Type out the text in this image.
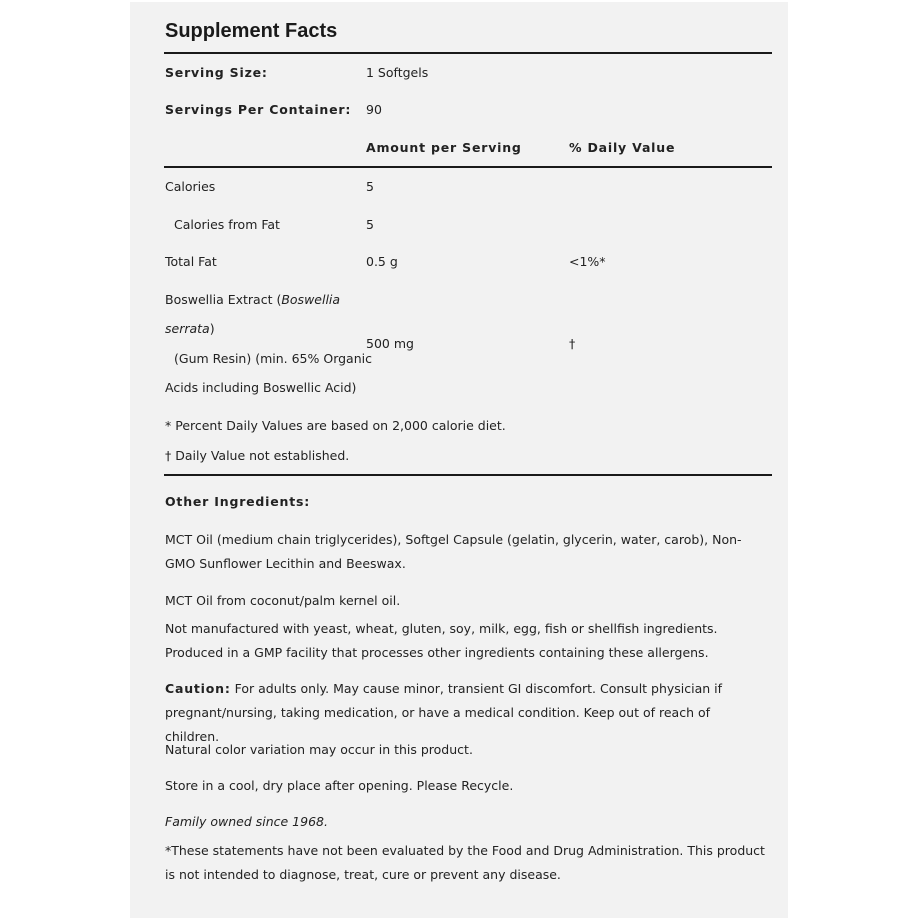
Supplement Facts
Serving Size:	1 Softgels
Servings Per Container: 90
Amount per Serving	% Daily Value
Calories	5
Calories from Fat	5
Total Fat	0.5 g	<1%*
Boswellia Extract (Boswellia
serrata)
(Gum Resin) (min. 65% Organic
Acids including Boswellic Acid)
500 mg	†
* Percent Daily Values are based on 2,000 calorie diet.
† Daily Value not established.
Other Ingredients:
MCT Oil (medium chain triglycerides), Softgel Capsule (gelatin, glycerin, water, carob), Non-GMO Sunflower Lecithin and Beeswax.
MCT Oil from coconut/palm kernel oil.
Not manufactured with yeast, wheat, gluten, soy, milk, egg, fish or shellfish ingredients. Produced in a GMP facility that processes other ingredients containing these allergens.
Caution: For adults only. May cause minor, transient GI discomfort. Consult physician if pregnant/nursing, taking medication, or have a medical condition. Keep out of reach of children.
Natural color variation may occur in this product.
Store in a cool, dry place after opening. Please Recycle.
Family owned since 1968.
*These statements have not been evaluated by the Food and Drug Administration. This product is not intended to diagnose, treat, cure or prevent any disease.
